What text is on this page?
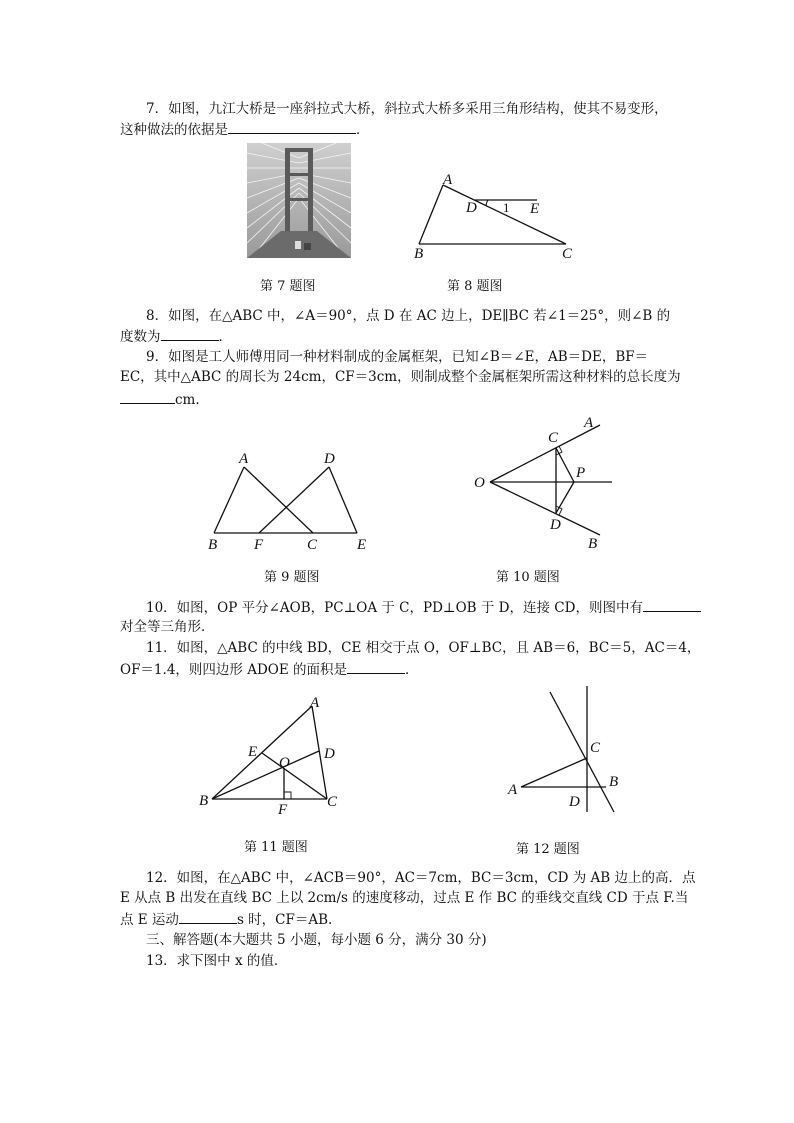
7．如图，九江大桥是一座斜拉式大桥，斜拉式大桥多采用三角形结构，使其不易变形，
这种做法的依据是	．
A
B	C
D	E
1
第 7 题图	第 8 题图
8．如图，在△ABC 中，∠A＝90°，点 D 在 AC 边上，DE∥BC 若∠1＝25°，则∠B 的
度数为	．
9．如图是工人师傅用同一种材料制成的金属框架，已知∠B＝∠E，AB＝DE，BF＝
EC，其中△ABC 的周长为 24cm，CF＝3cm，则制成整个金属框架所需这种材料的总长度为
cm.
A	D
B F	C	E
A
C
O
P
D
B
第 9 题图	第 10 题图
10．如图，OP 平分∠AOB，PC⊥OA 于 C，PD⊥OB 于 D，连接 CD，则图中有
对全等三角形．
11．如图，△ABC 的中线 BD，CE 相交于点 O，OF⊥BC，且 AB＝6，BC＝5，AC＝4，
OF＝1.4，则四边形 ADOE 的面积是	．
A
E
O
D
B	C
F
A
C
B
D
第 11 题图	第 12 题图
12．如图，在△ABC 中，∠ACB＝90°，AC＝7cm，BC＝3cm，CD 为 AB 边上的高．点
E 从点 B 出发在直线 BC 上以 2cm/s 的速度移动，过点 E 作 BC 的垂线交直线 CD 于点 F.当
点 E 运动	s 时，CF＝AB.
三、解答题(本大题共 5 小题，每小题 6 分，满分 30 分)
13．求下图中 x 的值．
